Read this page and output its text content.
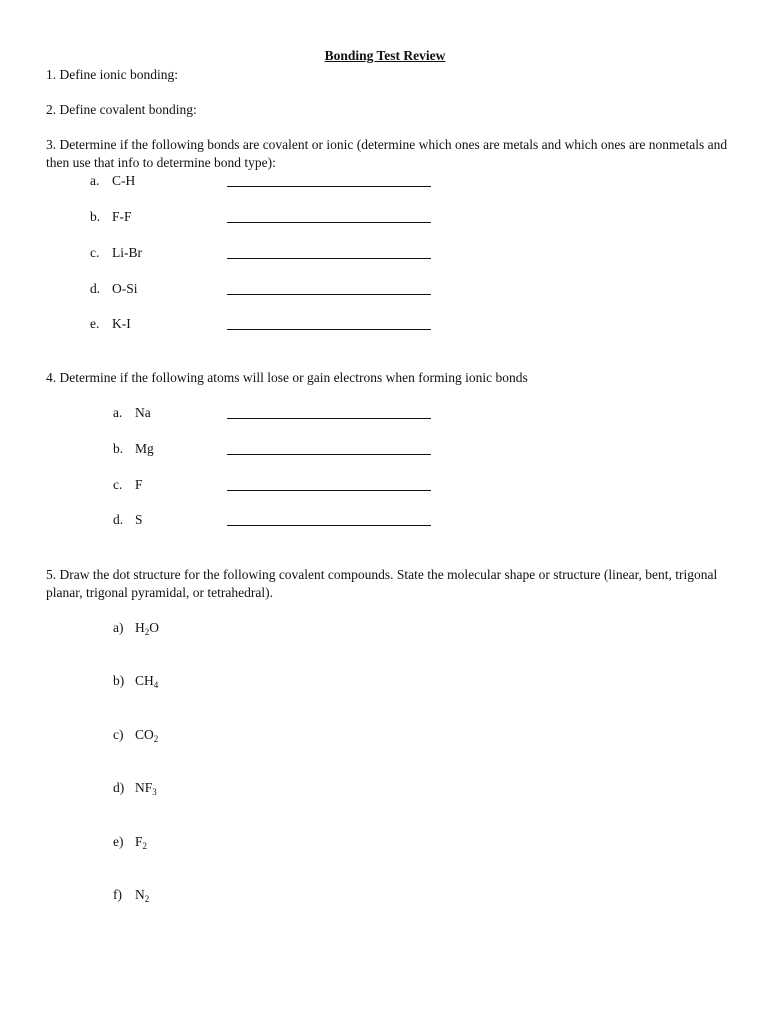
Bonding Test Review
1. Define ionic bonding:
2. Define covalent bonding:
3. Determine if the following bonds are covalent or ionic (determine which ones are metals and which ones are nonmetals and then use that info to determine bond type):
a. C-H
b. F-F
c. Li-Br
d. O-Si
e. K-I
4. Determine if the following atoms will lose or gain electrons when forming ionic bonds
a. Na
b. Mg
c. F
d. S
5. Draw the dot structure for the following covalent compounds. State the molecular shape or structure (linear, bent, trigonal planar, trigonal pyramidal, or tetrahedral).
a) $H_2O$
b) $CH_4$
c) $CO_2$
d) $NF_3$
e) $F_2$
f) $N_2$
